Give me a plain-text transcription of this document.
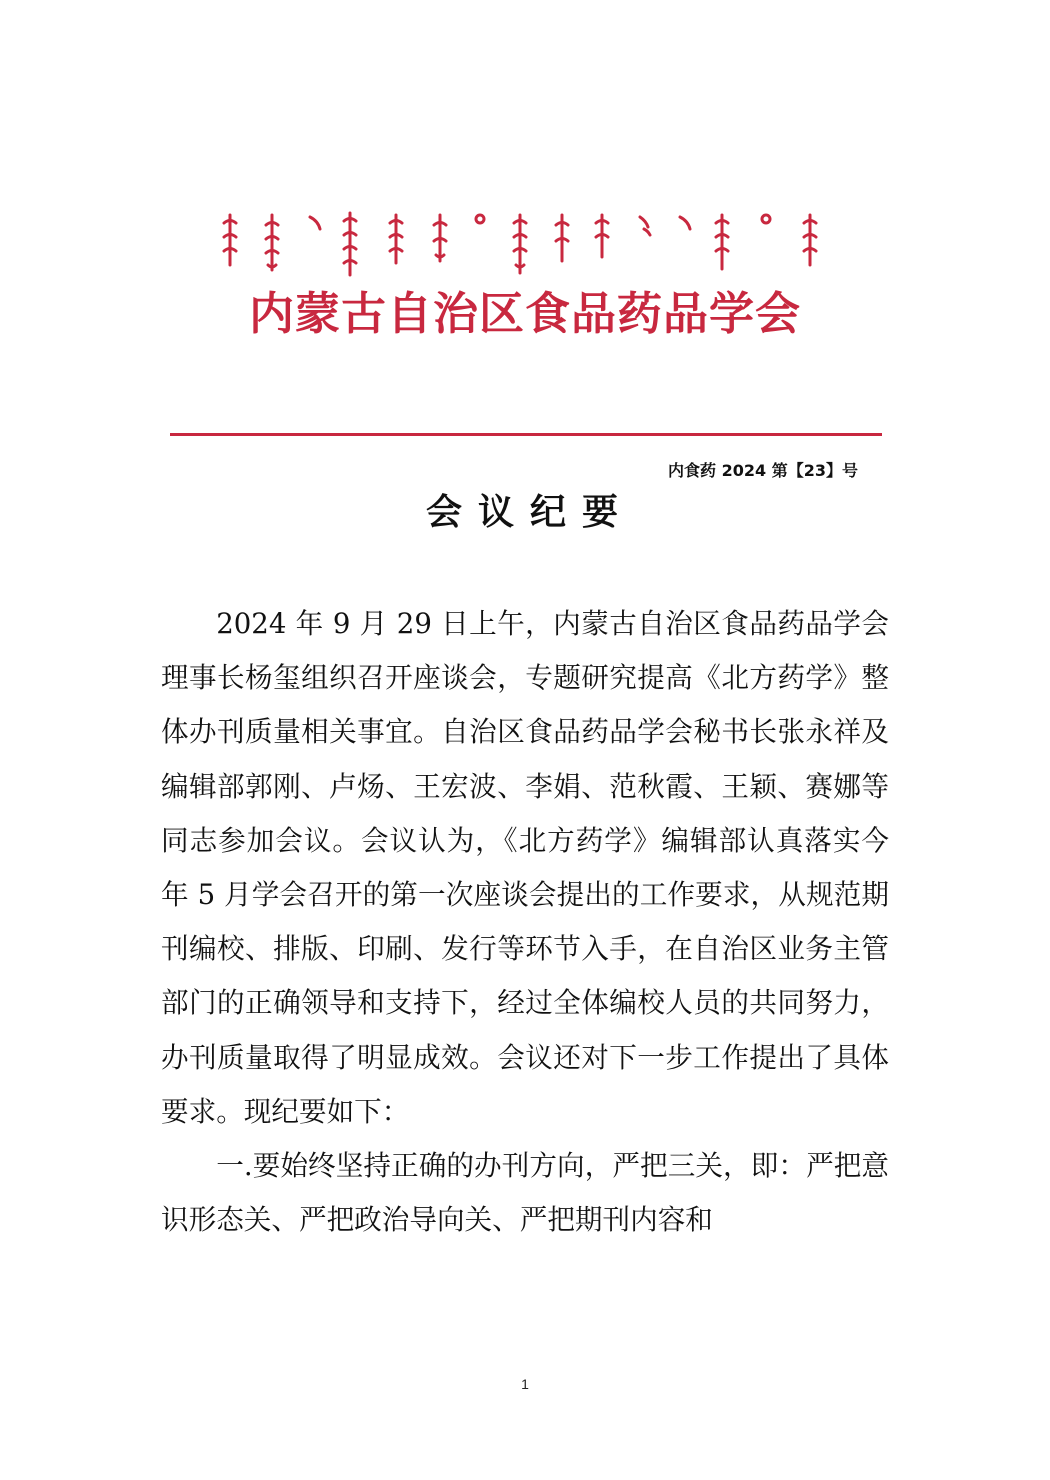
内蒙古自治区食品药品学会
内食药 2024 第【23】号
会议纪要

2024 年 9 月 29 日上午，内蒙古自治区食品药品学会理事长杨玺组织召开座谈会，专题研究提高《北方药学》整体办刊质量相关事宜。自治区食品药品学会秘书长张永祥及编辑部郭刚、卢炀、王宏波、李娟、范秋霞、王颖、赛娜等同志参加会议。会议认为，《北方药学》编辑部认真落实今年 5 月学会召开的第一次座谈会提出的工作要求，从规范期刊编校、排版、印刷、发行等环节入手，在自治区业务主管部门的正确领导和支持下，经过全体编校人员的共同努力，办刊质量取得了明显成效。会议还对下一步工作提出了具体要求。现纪要如下：

一.要始终坚持正确的办刊方向，严把三关，即：严把意识形态关、严把政治导向关、严把期刊内容和

1
